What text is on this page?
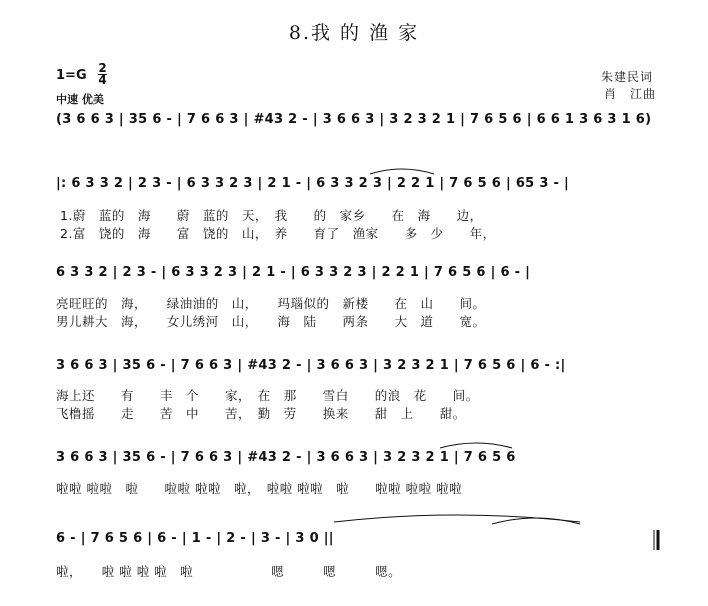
8.我 的 渔 家
1=G 2
4
中速 优美
朱建民词
肖　江曲
(3 6 6 3 | 35 6 - | 7 6 6 3 | #43 2 - | 3 6 6 3 | 3 2 3 2 1 | 7 6 5 6 | 6 6 1 3 6 3 1 6)
|: 6 3 3 2 | 2 3 - | 6 3 3 2 3 | 2 1 - | 6 3 3 2 3 | 2 2 1 | 7 6 5 6 | 65 3 - |
1.蔚　蓝的　海　　蔚　蓝的　天，　我　　的　家乡　　在　海　　边，
2.富　饶的　海　　富　饶的　山，　养　　育了　渔家　　多　少　　年，
6 3 3 2 | 2 3 - | 6 3 3 2 3 | 2 1 - | 6 3 3 2 3 | 2 2 1 | 7 6 5 6 | 6 - |
亮旺旺的　海，　　绿油油的　山，　　玛瑙似的　新楼　　在　山　　间。
男儿耕大　海，　　女儿绣河　山，　　海　陆　　两条　　大　道　　宽。
3 6 6 3 | 35 6 - | 7 6 6 3 | #43 2 - | 3 6 6 3 | 3 2 3 2 1 | 7 6 5 6 | 6 - :|
海上还　　有　　丰　个　　家，　在　那　　雪白　　的浪　花　　间。
飞橹摇　　走　　苦　中　　苦，　勤　劳　　换来　　甜　上　　甜。
3 6 6 3 | 35 6 - | 7 6 6 3 | #43 2 - | 3 6 6 3 | 3 2 3 2 1 | 7 6 5 6
啦啦 啦啦　啦　　啦啦 啦啦　啦，　啦啦 啦啦　啦　　啦啦 啦啦 啦啦
6 - | 7 6 5 6 | 6 - | 1 - | 2 - | 3 - | 3 0 ||
啦，　　啦 啦 啦 啦　啦　　　　　　嗯　　　嗯　　　嗯。
